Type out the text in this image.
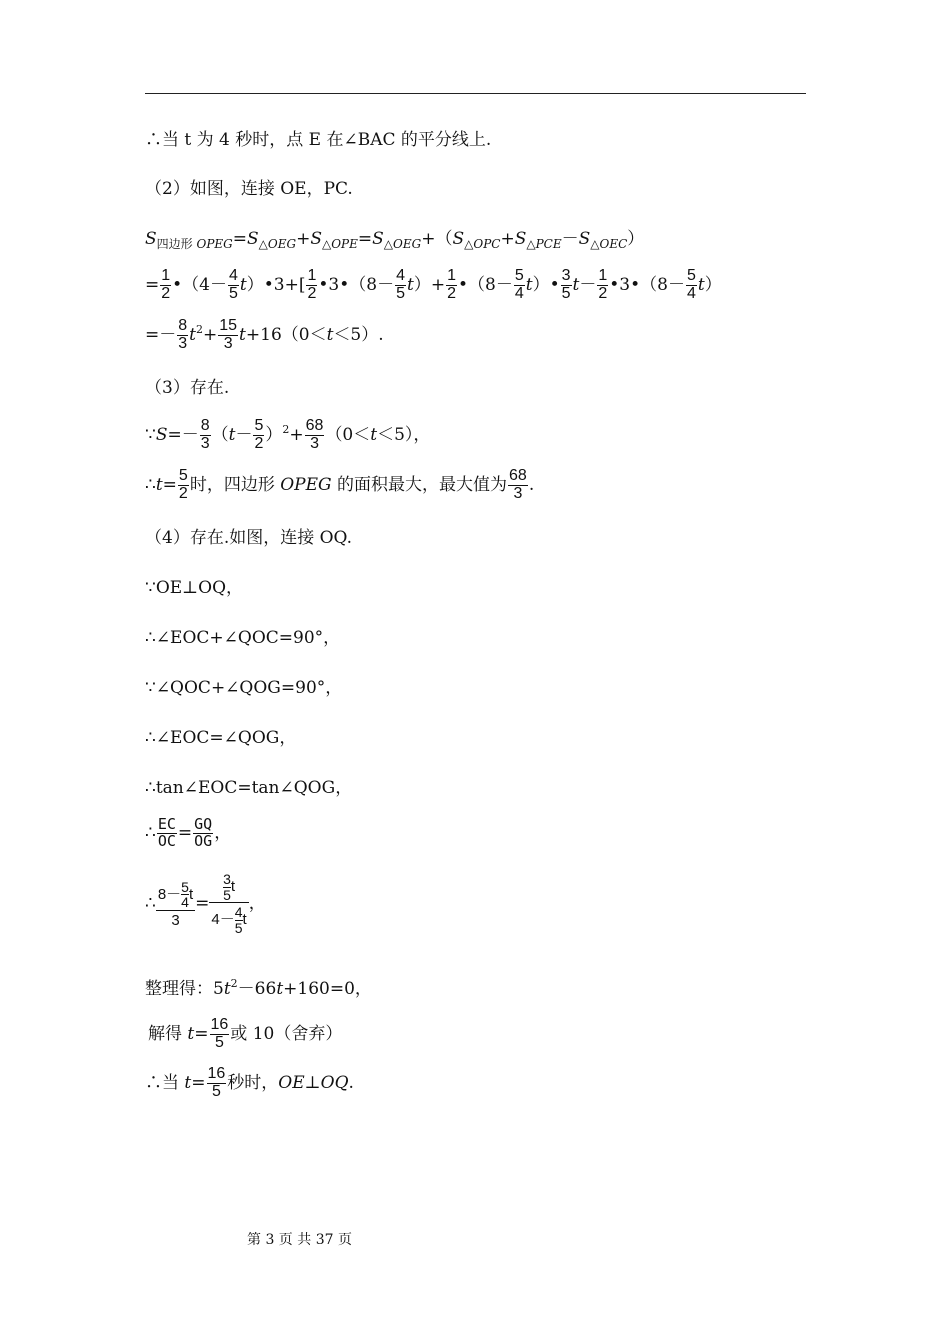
∴当 t 为 4 秒时，点 E 在∠BAC 的平分线上.
（2）如图，连接 OE，PC.
$S_{四边形 OPEG}=S_{\triangle OEG}+S_{\triangle OPE}=S_{\triangle OEG}+(S_{\triangle OPC}+S_{\triangle PCE}-S_{\triangle OEC})$
= $\frac{1}{2}$ •（4－ $\frac{4}{5}$ t）•3+[ $\frac{1}{2}$ •3•（8－ $\frac{4}{5} t)+ \frac{1}{2}$ •（8－ $\frac{5}{4}$ t）• $\frac{3}{5} t- \frac{1}{2}$ •3•（8－ $\frac{5}{4} t$）
=－ $\frac{8}{3} t^2+ \frac{15}{3} t+16(0<t<5)$.
（3）存在.
∵S=－ $\frac{8}{3} (t- \frac{5}{2} )^2+ \frac{68}{3} (0<t<5)$，
∴t= $\frac{5}{2}$ 时，四边形 OPEG 的面积最大，最大值为 $\frac{68}{3}$ .
（4）存在.如图，连接 OQ.
∵OE⊥OQ，
∴∠EOC+∠QOC=90°，
∵∠QOC+∠QOG=90°，
∴∠EOC=∠QOG，
∴tan∠EOC=tan∠QOG，
∴ $\frac{EC}{OC} = \frac{GQ}{OG}$ ，
∴ $\frac{8- \frac{5}{4} t}{3} = \frac{\frac{3}{5} t}{4- \frac{4}{5} t}$ ，
整理得：$5t^2-66t+160=0$，
解得 $t= \frac{16}{5}$ 或 10（舍弃）
∴当 $t= \frac{16}{5}$ 秒时，OE⊥OQ.
第 3 页 共 37 页
